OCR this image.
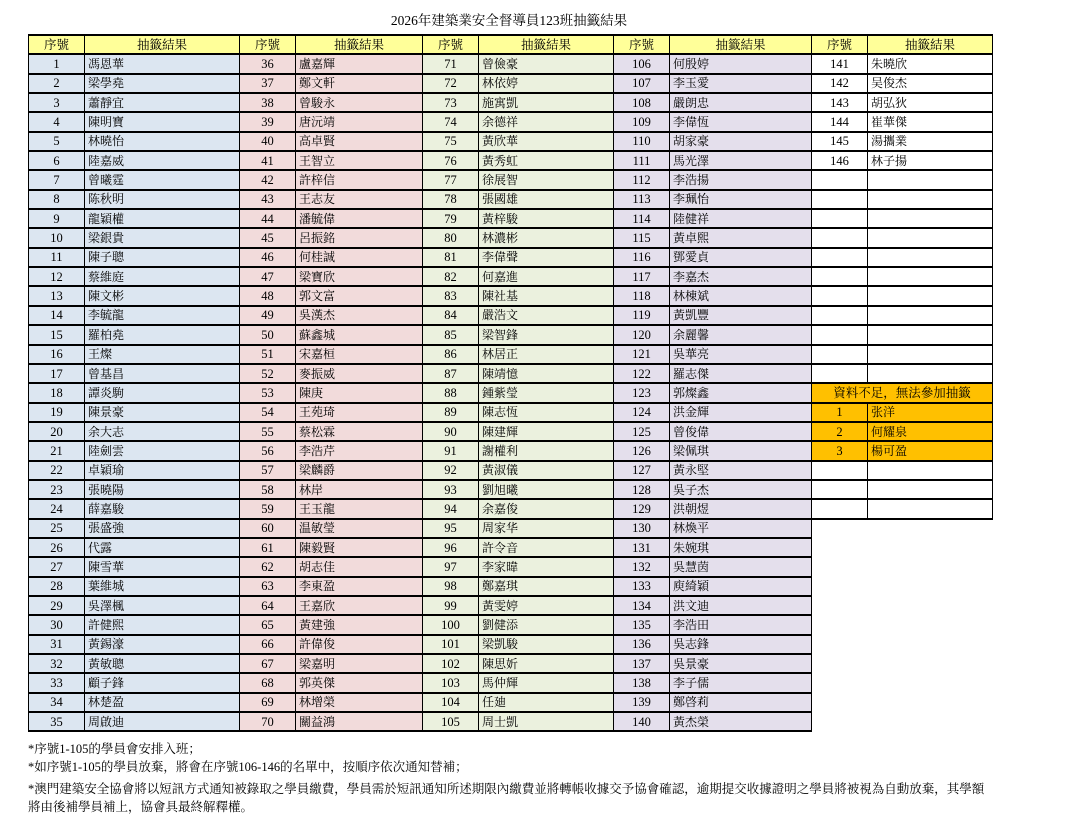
2026年建築業安全督導員123班抽籤結果
序號	抽籤結果	序號	抽籤結果	序號	抽籤結果	序號	抽籤結果	序號	抽籤結果
1	馮恩華	36	盧嘉輝	71	曾儉豪	106	何殷婷	141	朱曉欣
2	梁學堯	37	鄭文軒	72	林依婷	107	李玉愛	142	吴俊杰
3	蕭靜宜	38	曾駿永	73	施寓凱	108	嚴朗忠	143	胡弘狄
4	陳明寶	39	唐沅靖	74	余德祥	109	李偉恆	144	崔華傑
5	林曉怡	40	高卓賢	75	黃欣華	110	胡家豪	145	湯攜業
6	陸嘉威	41	王智立	76	黃秀虹	111	馬光澤	146	林子揚
7	曾曦霆	42	許梓信	77	徐展智	112	李浩揚		
8	陈秋明	43	王志友	78	張國雄	113	李珮怡		
9	龍穎權	44	潘毓偉	79	黃梓駿	114	陸健祥		
10	梁銀貴	45	呂振銘	80	林濃彬	115	黃卓熙		
11	陳子聰	46	何桂誠	81	李偉聲	116	鄧愛貞		
12	蔡維庭	47	梁寶欣	82	何嘉進	117	李嘉杰		
13	陳文彬	48	郭文富	83	陳社基	118	林棟斌		
14	李毓龍	49	吳漢杰	84	嚴浩文	119	黃凱豐		
15	羅柏堯	50	蘇鑫城	85	梁智鋒	120	余麗馨		
16	王燦	51	宋嘉桓	86	林居正	121	吳華亮		
17	曾基昌	52	麥振威	87	陳靖憶	122	羅志傑		
18	譚炎駒	53	陳庚	88	鍾紫瑩	123	郭燦鑫	資料不足，無法參加抽籤	
19	陳景豪	54	王苑琦	89	陳志恆	124	洪金輝	1	张洋
20	余大志	55	蔡松霖	90	陳建輝	125	曾俊偉	2	何耀泉
21	陸劍雲	56	李浩芹	91	謝權利	126	梁佩琪	3	楊可盈
22	卓穎瑜	57	梁麟爵	92	黃淑儀	127	黃永堅		
23	張曉陽	58	林岸	93	劉旭曦	128	吳子杰		
24	薛嘉駿	59	王玉龍	94	余嘉俊	129	洪朝煜		
25	張盛強	60	温敏瑩	95	周家华	130	林煥平		
26	代露	61	陳毅賢	96	許令音	131	朱婉琪		
27	陳雪華	62	胡志佳	97	李家暐	132	吳慧茵		
28	葉維城	63	李東盈	98	鄭嘉琪	133	庾綺穎		
29	吳澤楓	64	王嘉欣	99	黃雯婷	134	洪文迪		
30	許健熙	65	黃建強	100	劉健添	135	李浩田		
31	黃錫濠	66	許偉俊	101	梁凱駿	136	吳志鋒		
32	黃敏聰	67	梁嘉明	102	陳思妡	137	吳景豪		
33	顧子鋒	68	郭英傑	103	馬仲輝	138	李子儒		
34	林楚盈	69	林增榮	104	任廸	139	鄭啓莉		
35	周啟迪	70	關益鴻	105	周士凱	140	黃杰榮		
*序號1-105的學員會安排入班；
*如序號1-105的學員放棄，將會在序號106-146的名單中，按順序依次通知替補；
*澳門建築安全協會將以短訊方式通知被錄取之學員繳費，學員需於短訊通知所述期限內繳費並將轉帳收據交予協會確認，逾期提交收據證明之學員將被視為自動放棄，其學額
將由後補學員補上，協會具最終解釋權。
